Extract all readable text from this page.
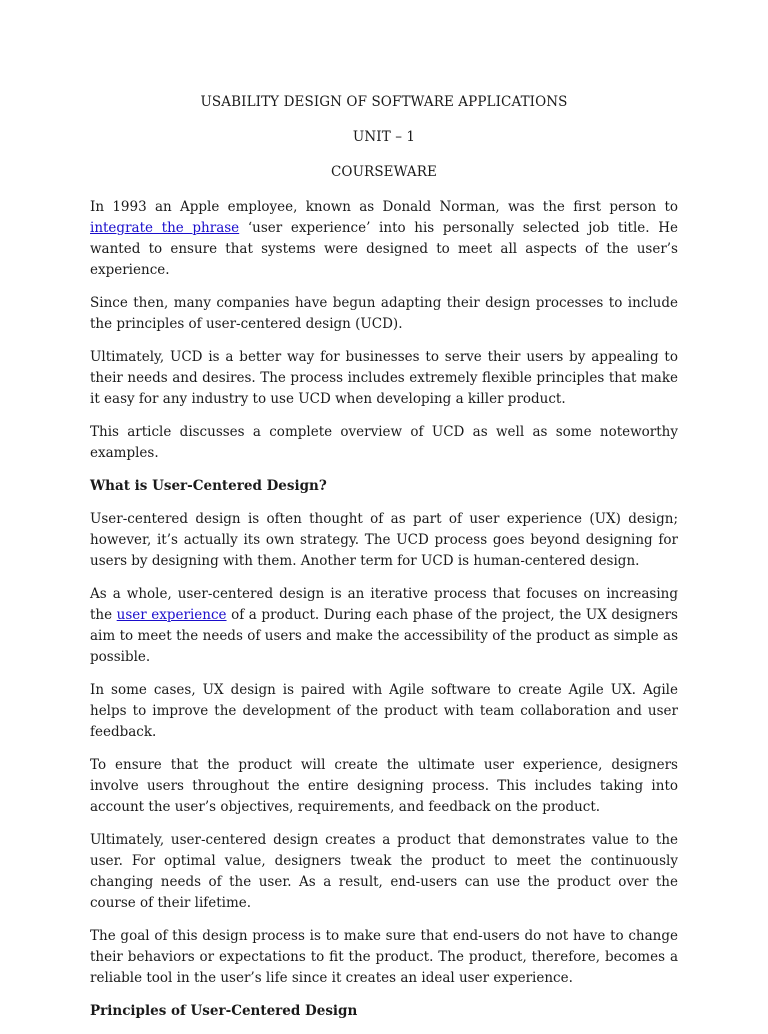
USABILITY DESIGN OF SOFTWARE APPLICATIONS

UNIT – 1

COURSEWARE

In 1993 an Apple employee, known as Donald Norman, was the first person to integrate the phrase ‘user experience’ into his personally selected job title. He wanted to ensure that systems were designed to meet all aspects of the user’s experience.

Since then, many companies have begun adapting their design processes to include the principles of user-centered design (UCD).

Ultimately, UCD is a better way for businesses to serve their users by appealing to their needs and desires. The process includes extremely flexible principles that make it easy for any industry to use UCD when developing a killer product.

This article discusses a complete overview of UCD as well as some noteworthy examples.

What is User-Centered Design?

User-centered design is often thought of as part of user experience (UX) design; however, it’s actually its own strategy. The UCD process goes beyond designing for users by designing with them. Another term for UCD is human-centered design.

As a whole, user-centered design is an iterative process that focuses on increasing the user experience of a product. During each phase of the project, the UX designers aim to meet the needs of users and make the accessibility of the product as simple as possible.

In some cases, UX design is paired with Agile software to create Agile UX. Agile helps to improve the development of the product with team collaboration and user feedback.

To ensure that the product will create the ultimate user experience, designers involve users throughout the entire designing process. This includes taking into account the user’s objectives, requirements, and feedback on the product.

Ultimately, user-centered design creates a product that demonstrates value to the user. For optimal value, designers tweak the product to meet the continuously changing needs of the user. As a result, end-users can use the product over the course of their lifetime.

The goal of this design process is to make sure that end-users do not have to change their behaviors or expectations to fit the product. The product, therefore, becomes a reliable tool in the user’s life since it creates an ideal user experience.

Principles of User-Centered Design
